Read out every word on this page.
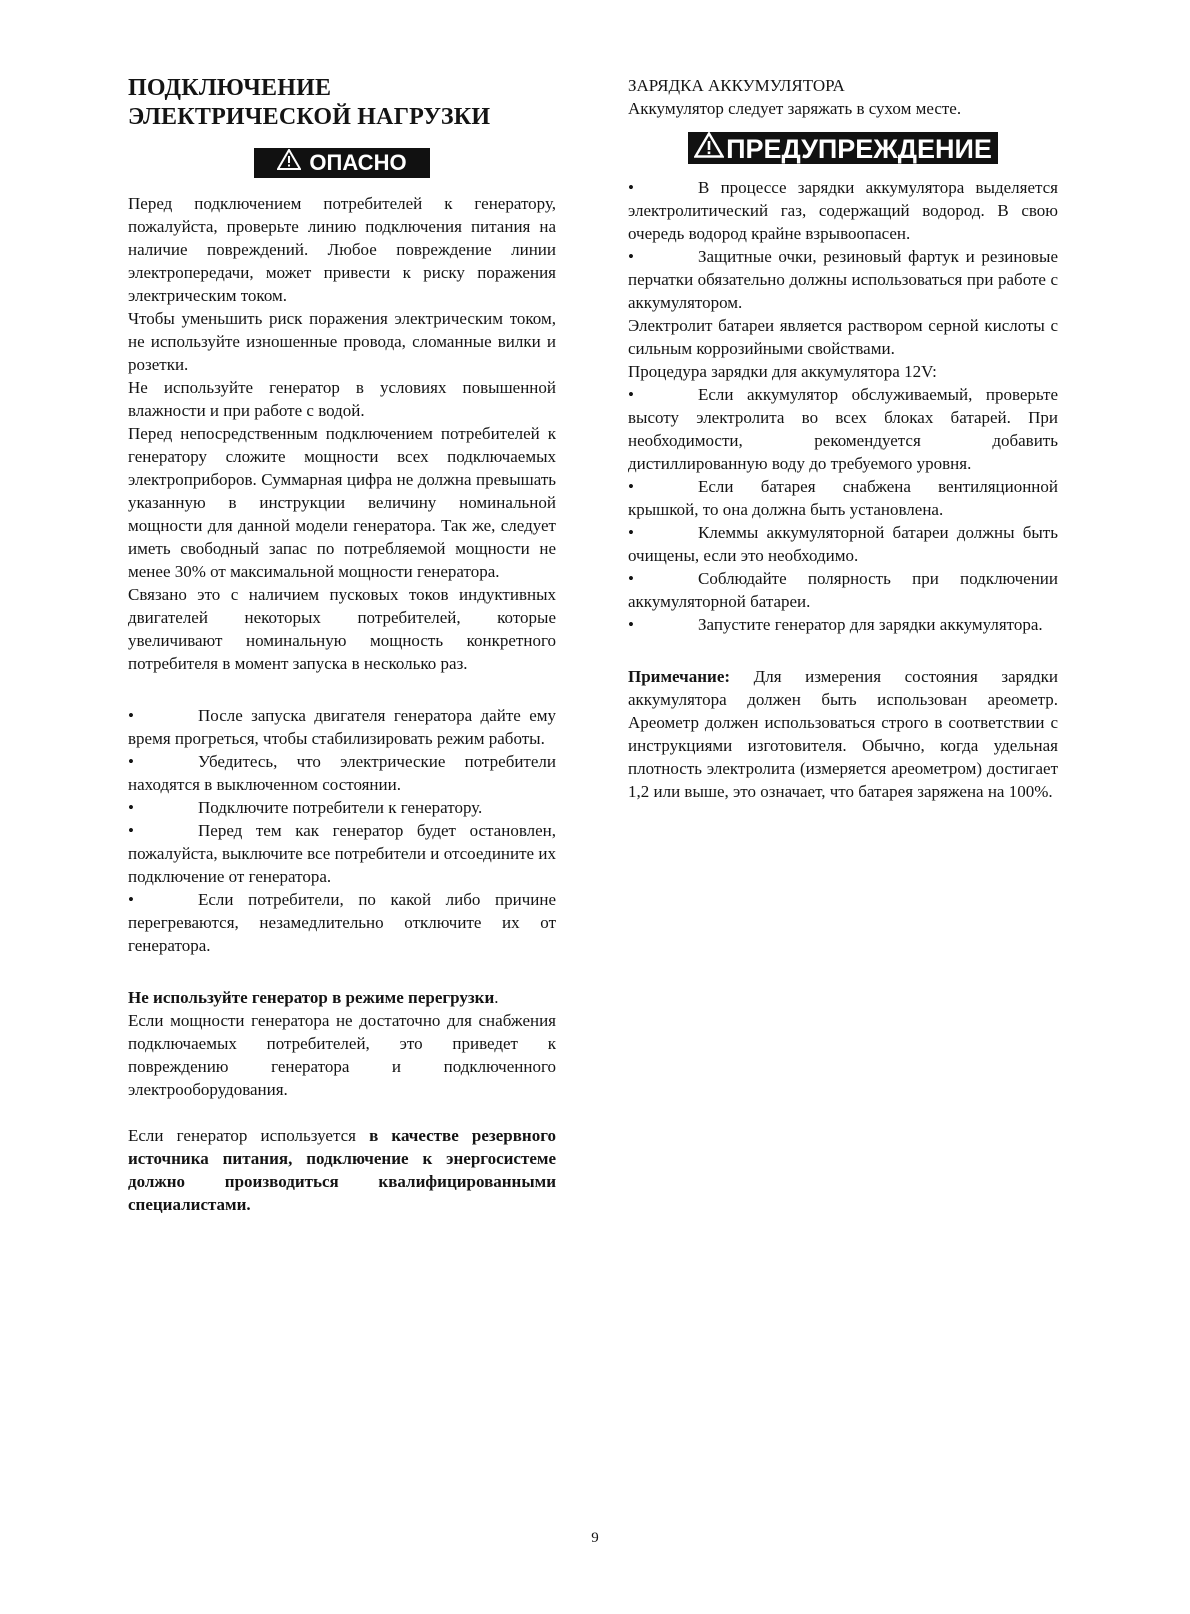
ПОДКЛЮЧЕНИЕ ЭЛЕКТРИЧЕСКОЙ НАГРУЗКИ
ОПАСНО

Перед подключением потребителей к генератору, пожалуйста, проверьте линию подключения питания на наличие повреждений. Любое повреждение линии электропередачи, может привести к риску поражения электрическим током.

Чтобы уменьшить риск поражения электрическим током, не используйте изношенные провода, сломанные вилки и розетки.

Не используйте генератор в условиях повышенной влажности и при работе с водой.

Перед непосредственным подключением потребителей к генератору сложите мощности всех подключаемых электроприборов. Суммарная цифра не должна превышать указанную в инструкции величину номинальной мощности для данной модели генератора. Так же, следует иметь свободный запас по потребляемой мощности не менее 30% от максимальной мощности генератора.

Связано это с наличием пусковых токов индуктивных двигателей некоторых потребителей, которые увеличивают номинальную мощность конкретного потребителя в момент запуска в несколько раз.

•	После запуска двигателя генератора дайте ему время прогреться, чтобы стабилизировать режим работы.

•	Убедитесь, что электрические потребители находятся в выключенном состоянии.

•	Подключите потребители к генератору.

•	Перед тем как генератор будет остановлен, пожалуйста, выключите все потребители и отсоедините их подключение от генератора.

•	Если потребители, по какой либо причине перегреваются, незамедлительно отключите их от генератора.

Не используйте генератор в режиме перегрузки.

Если мощности генератора не достаточно для снабжения подключаемых потребителей, это приведет к повреждению генератора и подключенного электрооборудования.

Если генератор используется в качестве резервного источника питания, подключение к энергосистеме должно производиться квалифицированными специалистами.

ЗАРЯДКА АККУМУЛЯТОРА

Аккумулятор следует заряжать в сухом месте.

ПРЕДУПРЕЖДЕНИЕ

•	В процессе зарядки аккумулятора выделяется электролитический газ, содержащий водород. В свою очередь водород крайне взрывоопасен.

•	Защитные очки, резиновый фартук и резиновые перчатки обязательно должны использоваться при работе с аккумулятором.

Электролит батареи является раствором серной кислоты с сильным коррозийными свойствами.

Процедура зарядки для аккумулятора 12V:

•	Если аккумулятор обслуживаемый, проверьте высоту электролита во всех блоках батарей. При необходимости, рекомендуется добавить дистиллированную воду до требуемого уровня.

•	Если батарея снабжена вентиляционной крышкой, то она должна быть установлена.

•	Клеммы аккумуляторной батареи должны быть очищены, если это необходимо.

•	Соблюдайте полярность при подключении аккумуляторной батареи.

•	Запустите генератор для зарядки аккумулятора.

Примечание: Для измерения состояния зарядки аккумулятора должен быть использован ареометр. Ареометр должен использоваться строго в соответствии с инструкциями изготовителя. Обычно, когда удельная плотность электролита (измеряется ареометром) достигает 1,2 или выше, это означает, что батарея заряжена на 100%.

9
